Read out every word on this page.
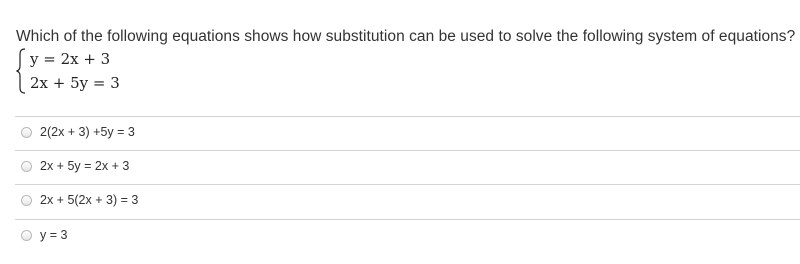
Which of the following equations shows how substitution can be used to solve the following system of equations?
y = 2x + 3
2x + 5y = 3
2(2x + 3) +5y = 3
2x + 5y = 2x + 3
2x + 5(2x + 3) = 3
y = 3
